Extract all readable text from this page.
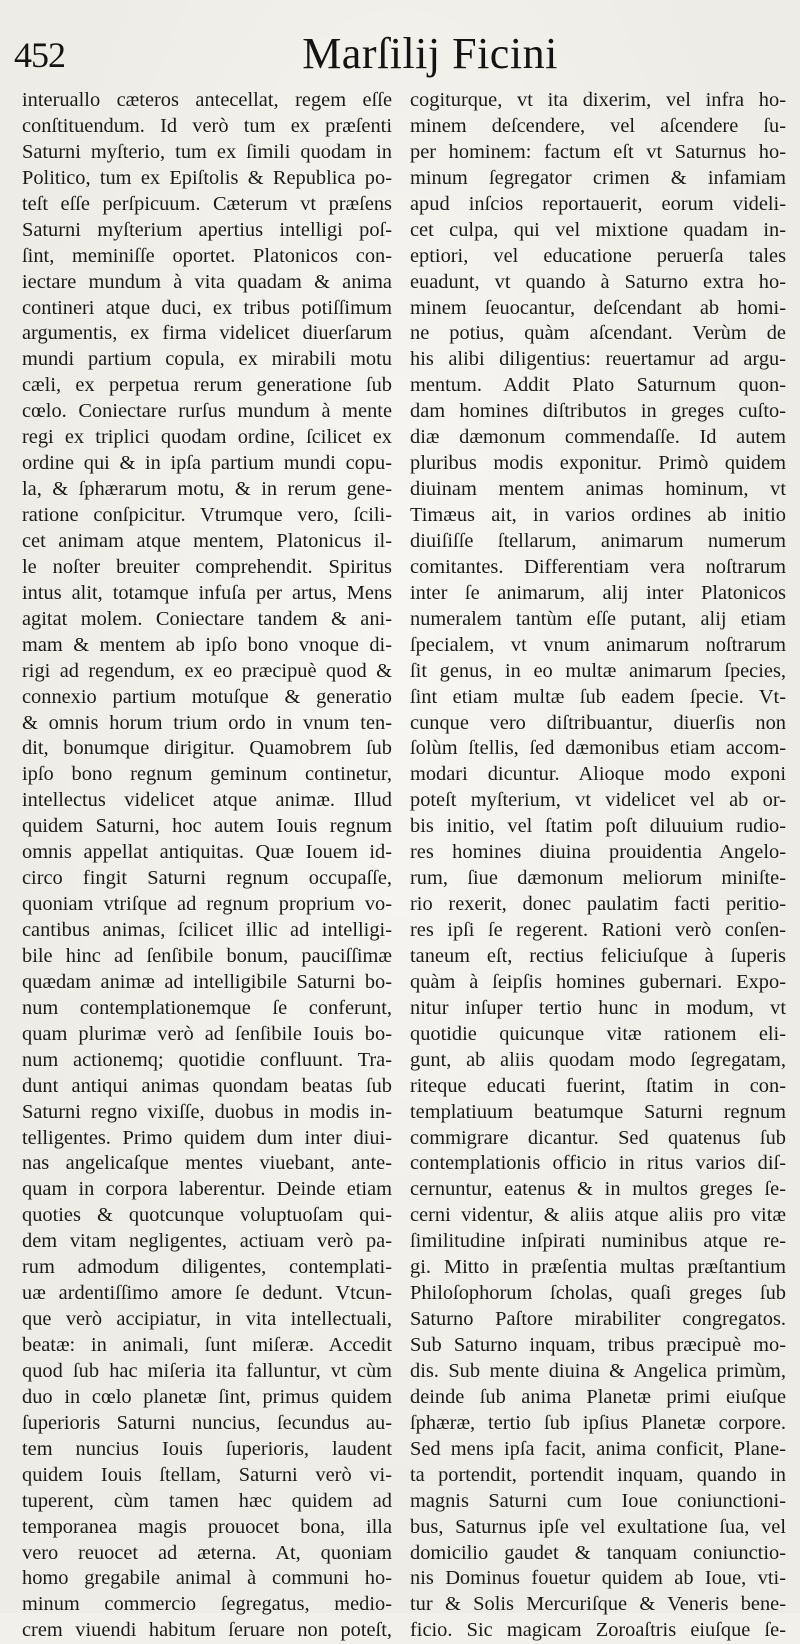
452	Marſilij Ficini
interuallo cæteros antecellat, regem eſſe
conſtituendum. Id verò tum ex præſenti
Saturni myſterio, tum ex ſimili quodam in
Politico, tum ex Epiſtolis & Republica po-
teſt eſſe perſpicuum. Cæterum vt præſens
Saturni myſterium apertius intelligi poſ-
ſint, meminiſſe oportet. Platonicos con-
iectare mundum à vita quadam & anima
contineri atque duci, ex tribus potiſſimum
argumentis, ex firma videlicet diuerſarum
mundi partium copula, ex mirabili motu
cæli, ex perpetua rerum generatione ſub
cœlo. Coniectare rurſus mundum à mente
regi ex triplici quodam ordine, ſcilicet ex
ordine qui & in ipſa partium mundi copu-
la, & ſphærarum motu, & in rerum gene-
ratione conſpicitur. Vtrumque vero, ſcili-
cet animam atque mentem, Platonicus il-
le noſter breuiter comprehendit. Spiritus
intus alit, totamque infuſa per artus, Mens
agitat molem. Coniectare tandem & ani-
mam & mentem ab ipſo bono vnoque di-
rigi ad regendum, ex eo præcipuè quod &
connexio partium motuſque & generatio
& omnis horum trium ordo in vnum ten-
dit, bonumque dirigitur. Quamobrem ſub
ipſo bono regnum geminum continetur,
intellectus videlicet atque animæ. Illud
quidem Saturni, hoc autem Iouis regnum
omnis appellat antiquitas. Quæ Iouem id-
circo fingit Saturni regnum occupaſſe,
quoniam vtriſque ad regnum proprium vo-
cantibus animas, ſcilicet illic ad intelligi-
bile hinc ad ſenſibile bonum, pauciſſimæ
quædam animæ ad intelligibile Saturni bo-
num contemplationemque ſe conferunt,
quam plurimæ verò ad ſenſibile Iouis bo-
num actionemq; quotidie confluunt. Tra-
dunt antiqui animas quondam beatas ſub
Saturni regno vixiſſe, duobus in modis in-
telligentes. Primo quidem dum inter diui-
nas angelicaſque mentes viuebant, ante-
quam in corpora laberentur. Deinde etiam
quoties & quotcunque voluptuoſam qui-
dem vitam negligentes, actiuam verò pa-
rum admodum diligentes, contemplati-
uæ ardentiſſimo amore ſe dedunt. Vtcun-
que verò accipiatur, in vita intellectuali,
beatæ: in animali, ſunt miſeræ. Accedit
quod ſub hac miſeria ita falluntur, vt cùm
duo in cœlo planetæ ſint, primus quidem
ſuperioris Saturni nuncius, ſecundus au-
tem nuncius Iouis ſuperioris, laudent
quidem Iouis ſtellam, Saturni verò vi-
tuperent, cùm tamen hæc quidem ad
temporanea magis prouocet bona, illa
vero reuocet ad æterna. At, quoniam
homo gregabile animal à communi ho-
minum commercio ſegregatus, medio-
crem viuendi habitum ſeruare non poteſt,
cogiturque, vt ita dixerim, vel infra ho-
minem deſcendere, vel aſcendere ſu-
per hominem: factum eſt vt Saturnus ho-
minum ſegregator crimen & infamiam
apud inſcios reportauerit, eorum videli-
cet culpa, qui vel mixtione quadam in-
eptiori, vel educatione peruerſa tales
euadunt, vt quando à Saturno extra ho-
minem ſeuocantur, deſcendant ab homi-
ne potius, quàm aſcendant. Verùm de
his alibi diligentius: reuertamur ad argu-
mentum. Addit Plato Saturnum quon-
dam homines diſtributos in greges cuſto-
diæ dæmonum commendaſſe. Id autem
pluribus modis exponitur. Primò quidem
diuinam mentem animas hominum, vt
Timæus ait, in varios ordines ab initio
diuiſiſſe ſtellarum, animarum numerum
comitantes. Differentiam vera noſtrarum
inter ſe animarum, alij inter Platonicos
numeralem tantùm eſſe putant, alij etiam
ſpecialem, vt vnum animarum noſtrarum
ſit genus, in eo multæ animarum ſpecies,
ſint etiam multæ ſub eadem ſpecie. Vt-
cunque vero diſtribuantur, diuerſis non
ſolùm ſtellis, ſed dæmonibus etiam accom-
modari dicuntur. Alioque modo exponi
poteſt myſterium, vt videlicet vel ab or-
bis initio, vel ſtatim poſt diluuium rudio-
res homines diuina prouidentia Angelo-
rum, ſiue dæmonum meliorum miniſte-
rio rexerit, donec paulatim facti peritio-
res ipſi ſe regerent. Rationi verò conſen-
taneum eſt, rectius feliciuſque à ſuperis
quàm à ſeipſis homines gubernari. Expo-
nitur inſuper tertio hunc in modum, vt
quotidie quicunque vitæ rationem eli-
gunt, ab aliis quodam modo ſegregatam,
riteque educati fuerint, ſtatim in con-
templatiuum beatumque Saturni regnum
commigrare dicantur. Sed quatenus ſub
contemplationis officio in ritus varios diſ-
cernuntur, eatenus & in multos greges ſe-
cerni videntur, & aliis atque aliis pro vitæ
ſimilitudine inſpirati numinibus atque re-
gi. Mitto in præſentia multas præſtantium
Philoſophorum ſcholas, quaſi greges ſub
Saturno Paſtore mirabiliter congregatos.
Sub Saturno inquam, tribus præcipuè mo-
dis. Sub mente diuina & Angelica primùm,
deinde ſub anima Planetæ primi eiuſque
ſphæræ, tertio ſub ipſius Planetæ corpore.
Sed mens ipſa facit, anima conficit, Plane-
ta portendit, portendit inquam, quando in
magnis Saturni cum Ioue coniunctioni-
bus, Saturnus ipſe vel exultatione ſua, vel
domicilio gaudet & tanquam coniunctio-
nis Dominus fouetur quidem ab Ioue, vti-
tur & Solis Mercuriſque & Veneris bene-
ficio. Sic magicam Zoroaſtris eiuſque ſe-
